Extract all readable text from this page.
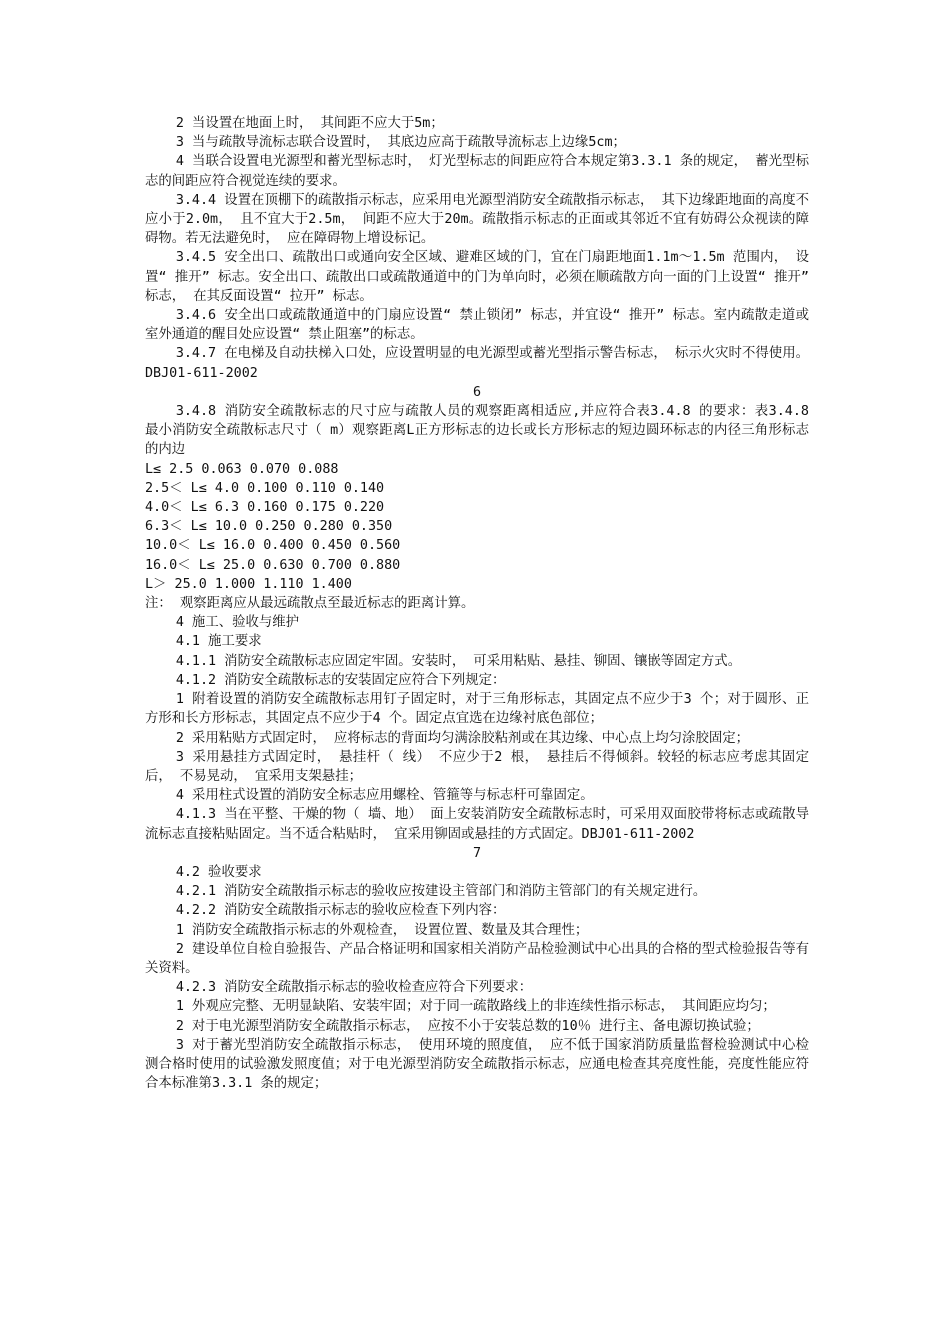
2 当设置在地面上时， 其间距不应大于5m；

3 当与疏散导流标志联合设置时， 其底边应高于疏散导流标志上边缘5cm；

4 当联合设置电光源型和蓄光型标志时， 灯光型标志的间距应符合本规定第3.3.1 条的规定， 蓄光型标志的间距应符合视觉连续的要求。

3.4.4 设置在顶棚下的疏散指示标志，应采用电光源型消防安全疏散指示标志， 其下边缘距地面的高度不应小于2.0m， 且不宜大于2.5m， 间距不应大于20m。疏散指示标志的正面或其邻近不宜有妨碍公众视读的障碍物。若无法避免时， 应在障碍物上增设标记。

3.4.5 安全出口、疏散出口或通向安全区域、避难区域的门，宜在门扇距地面1.1m～1.5m 范围内， 设置“ 推开” 标志。安全出口、疏散出口或疏散通道中的门为单向时，必须在顺疏散方向一面的门上设置“ 推开” 标志， 在其反面设置“ 拉开” 标志。

3.4.6 安全出口或疏散通道中的门扇应设置“ 禁止锁闭” 标志，并宜设“ 推开” 标志。室内疏散走道或室外通道的醒目处应设置“ 禁止阻塞”的标志。

3.4.7 在电梯及自动扶梯入口处，应设置明显的电光源型或蓄光型指示警告标志， 标示火灾时不得使用。DBJ01-611-2002

6

3.4.8 消防安全疏散标志的尺寸应与疏散人员的观察距离相适应,并应符合表3.4.8 的要求：表3.4.8 最小消防安全疏散标志尺寸（ m）观察距离L正方形标志的边长或长方形标志的短边圆环标志的内径三角形标志的内边

L≤ 2.5 0.063 0.070 0.088

2.5＜ L≤ 4.0 0.100 0.110 0.140

4.0＜ L≤ 6.3 0.160 0.175 0.220

6.3＜ L≤ 10.0 0.250 0.280 0.350

10.0＜ L≤ 16.0 0.400 0.450 0.560

16.0＜ L≤ 25.0 0.630 0.700 0.880

L＞ 25.0 1.000 1.110 1.400

注： 观察距离应从最远疏散点至最近标志的距离计算。

4 施工、验收与维护

4.1 施工要求

4.1.1 消防安全疏散标志应固定牢固。安装时， 可采用粘贴、悬挂、铆固、镶嵌等固定方式。

4.1.2 消防安全疏散标志的安装固定应符合下列规定：

1 附着设置的消防安全疏散标志用钉子固定时，对于三角形标志，其固定点不应少于3 个；对于圆形、正方形和长方形标志，其固定点不应少于4 个。固定点宜选在边缘衬底色部位；

2 采用粘贴方式固定时， 应将标志的背面均匀满涂胶粘剂或在其边缘、中心点上均匀涂胶固定；

3 采用悬挂方式固定时， 悬挂杆（ 线） 不应少于2 根， 悬挂后不得倾斜。较轻的标志应考虑其固定后， 不易晃动， 宜采用支架悬挂；

4 采用柱式设置的消防安全标志应用螺栓、管箍等与标志杆可靠固定。

4.1.3 当在平整、干燥的物（ 墙、地） 面上安装消防安全疏散标志时，可采用双面胶带将标志或疏散导流标志直接粘贴固定。当不适合粘贴时， 宜采用铆固或悬挂的方式固定。DBJ01-611-2002

7

4.2 验收要求

4.2.1 消防安全疏散指示标志的验收应按建设主管部门和消防主管部门的有关规定进行。

4.2.2 消防安全疏散指示标志的验收应检查下列内容：

1 消防安全疏散指示标志的外观检查， 设置位置、数量及其合理性；

2 建设单位自检自验报告、产品合格证明和国家相关消防产品检验测试中心出具的合格的型式检验报告等有关资料。

4.2.3 消防安全疏散指示标志的验收检查应符合下列要求：

1 外观应完整、无明显缺陷、安装牢固；对于同一疏散路线上的非连续性指示标志， 其间距应均匀；

2 对于电光源型消防安全疏散指示标志， 应按不小于安装总数的10％ 进行主、备电源切换试验；

3 对于蓄光型消防安全疏散指示标志， 使用环境的照度值， 应不低于国家消防质量监督检验测试中心检测合格时使用的试验激发照度值；对于电光源型消防安全疏散指示标志，应通电检查其亮度性能，亮度性能应符合本标准第3.3.1 条的规定；
